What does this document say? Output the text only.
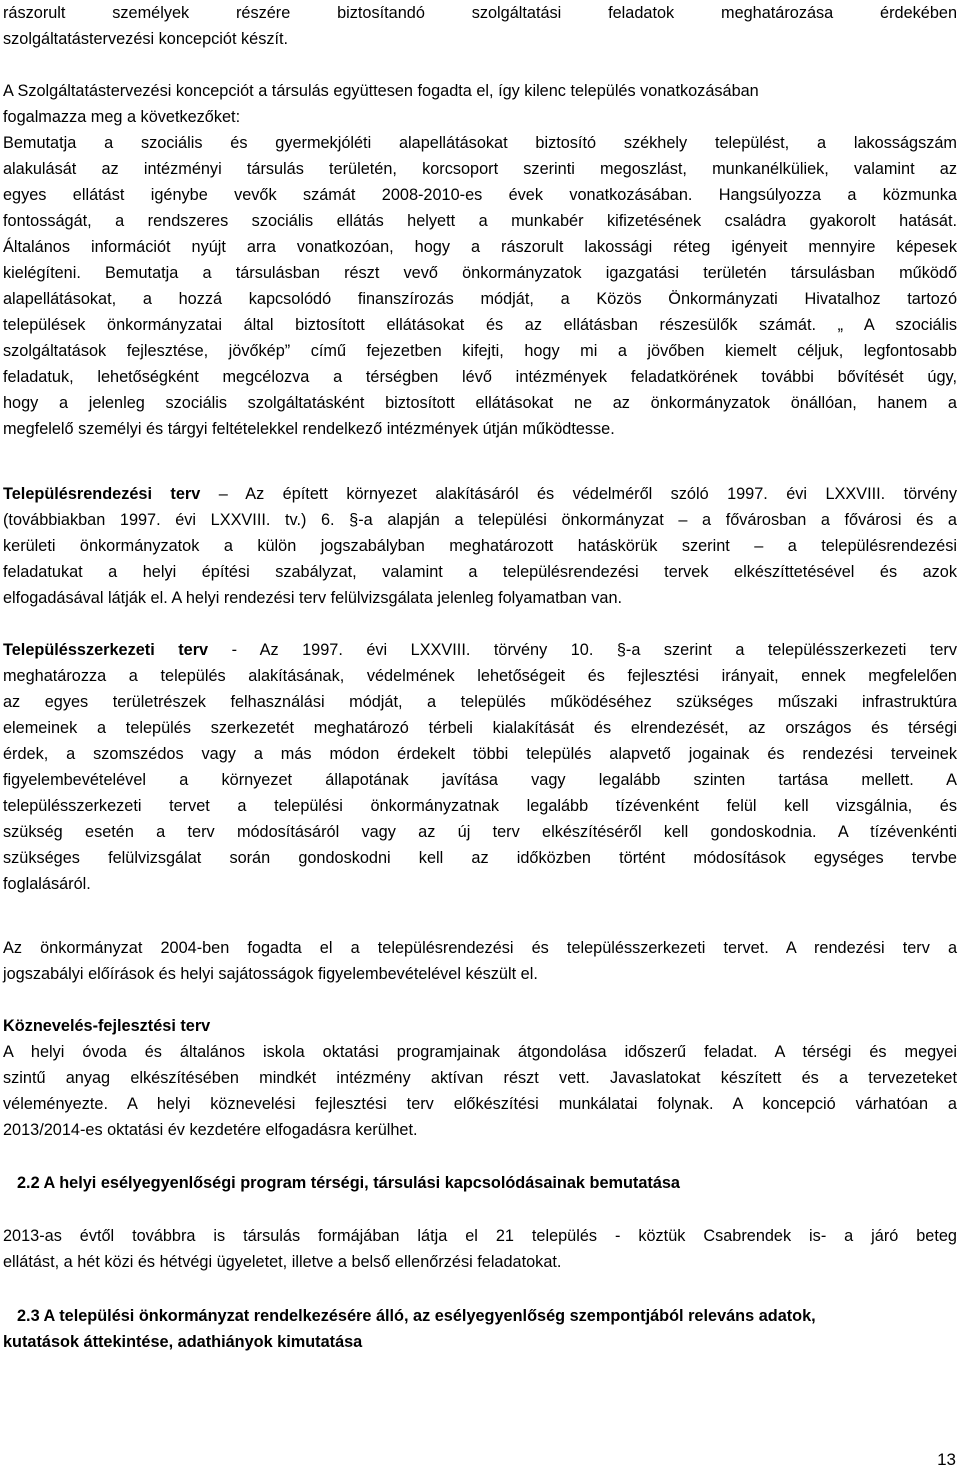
rászorult személyek részére biztosítandó szolgáltatási feladatok meghatározása érdekében
szolgáltatástervezési koncepciót készít.
A Szolgáltatástervezési koncepciót a társulás együttesen fogadta el, így kilenc település vonatkozásában
fogalmazza meg a következőket:
Bemutatja a szociális és gyermekjóléti alapellátásokat biztosító székhely települést, a lakosságszám
alakulását az intézményi társulás területén, korcsoport szerinti megoszlást, munkanélküliek, valamint az
egyes ellátást igénybe vevők számát 2008-2010-es évek vonatkozásában. Hangsúlyozza a közmunka
fontosságát, a rendszeres szociális ellátás helyett a munkabér kifizetésének családra gyakorolt hatását.
Általános információt nyújt arra vonatkozóan, hogy a rászorult lakossági réteg igényeit mennyire képesek
kielégíteni. Bemutatja a társulásban részt vevő önkormányzatok igazgatási területén társulásban működő
alapellátásokat, a hozzá kapcsolódó finanszírozás módját, a Közös Önkormányzati Hivatalhoz tartozó
települések önkormányzatai által biztosított ellátásokat és az ellátásban részesülők számát. „ A szociális
szolgáltatások fejlesztése, jövőkép” című fejezetben kifejti, hogy mi a jövőben kiemelt céljuk, legfontosabb
feladatuk, lehetőségként megcélozva a térségben lévő intézmények feladatkörének további bővítését úgy,
hogy a jelenleg szociális szolgáltatásként biztosított ellátásokat ne az önkormányzatok önállóan, hanem a
megfelelő személyi és tárgyi feltételekkel rendelkező intézmények útján működtesse.
Településrendezési terv – Az épített környezet alakításáról és védelméről szóló 1997. évi LXXVIII. törvény
(továbbiakban 1997. évi LXXVIII. tv.) 6. §-a alapján a települési önkormányzat – a fővárosban a fővárosi és a
kerületi önkormányzatok a külön jogszabályban meghatározott hatáskörük szerint – a településrendezési
feladatukat a helyi építési szabályzat, valamint a településrendezési tervek elkészíttetésével és azok
elfogadásával látják el. A helyi rendezési terv felülvizsgálata jelenleg folyamatban van.
Településszerkezeti terv - Az 1997. évi LXXVIII. törvény 10. §-a szerint a településszerkezeti terv
meghatározza a település alakításának, védelmének lehetőségeit és fejlesztési irányait, ennek megfelelően
az egyes területrészek felhasználási módját, a település működéséhez szükséges műszaki infrastruktúra
elemeinek a település szerkezetét meghatározó térbeli kialakítását és elrendezését, az országos és térségi
érdek, a szomszédos vagy a más módon érdekelt többi település alapvető jogainak és rendezési terveinek
figyelembevételével a környezet állapotának javítása vagy legalább szinten tartása mellett. A
településszerkezeti tervet a települési önkormányzatnak legalább tízévenként felül kell vizsgálnia, és
szükség esetén a terv módosításáról vagy az új terv elkészítéséről kell gondoskodnia. A tízévenkénti
szükséges felülvizsgálat során gondoskodni kell az időközben történt módosítások egységes tervbe
foglalásáról.
Az önkormányzat 2004-ben fogadta el a településrendezési és településszerkezeti tervet. A rendezési terv a
jogszabályi előírások és helyi sajátosságok figyelembevételével készült el.
Köznevelés-fejlesztési terv
A helyi óvoda és általános iskola oktatási programjainak átgondolása időszerű feladat. A térségi és megyei
szintű anyag elkészítésében mindkét intézmény aktívan részt vett. Javaslatokat készített és a tervezeteket
véleményezte. A helyi köznevelési fejlesztési terv előkészítési munkálatai folynak. A koncepció várhatóan a
2013/2014-es oktatási év kezdetére elfogadásra kerülhet.
2.2 A helyi esélyegyenlőségi program térségi, társulási kapcsolódásainak bemutatása
2013-as évtől továbbra is társulás formájában látja el 21 település - köztük Csabrendek is- a járó beteg
ellátást, a hét közi és hétvégi ügyeletet, illetve a belső ellenőrzési feladatokat.
2.3 A települési önkormányzat rendelkezésére álló, az esélyegyenlőség szempontjából releváns adatok,
kutatások áttekintése, adathiányok kimutatása
13
